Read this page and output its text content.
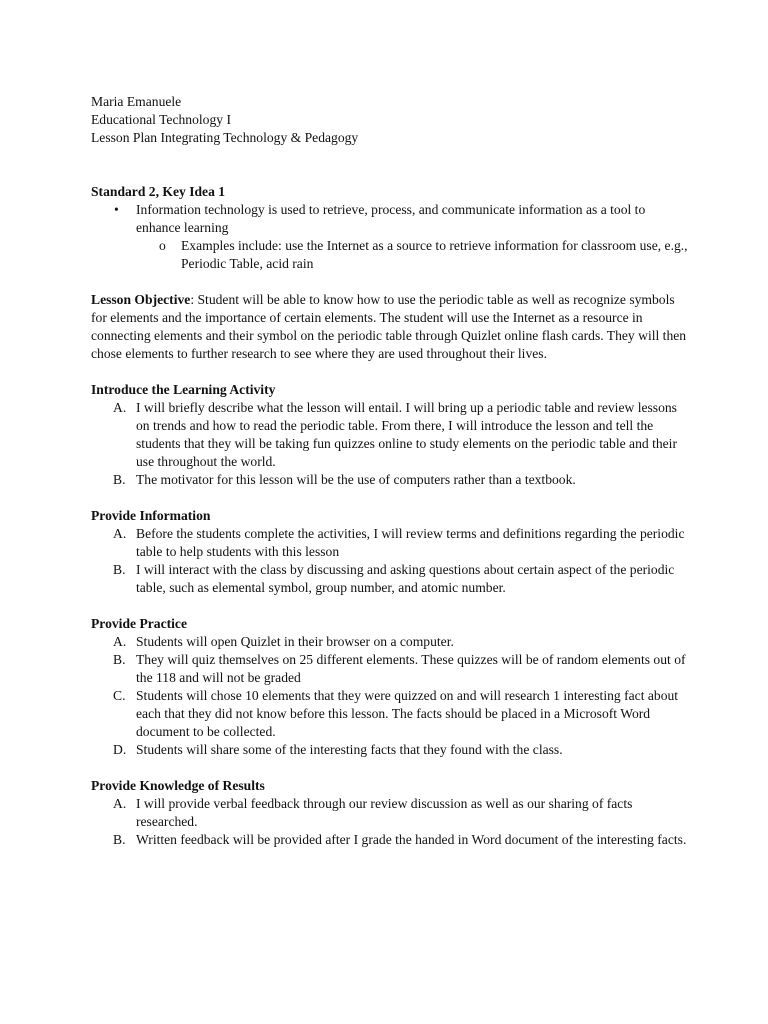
Maria Emanuele

Educational Technology I

Lesson Plan Integrating Technology & Pedagogy

Standard 2, Key Idea 1

•	Information technology is used to retrieve, process, and communicate information as a tool to enhance learning
o	Examples include: use the Internet as a source to retrieve information for classroom use, e.g., Periodic Table, acid rain

Lesson Objective: Student will be able to know how to use the periodic table as well as recognize symbols for elements and the importance of certain elements. The student will use the Internet as a resource in connecting elements and their symbol on the periodic table through Quizlet online flash cards. They will then chose elements to further research to see where they are used throughout their lives.

Introduce the Learning Activity

A. I will briefly describe what the lesson will entail. I will bring up a periodic table and review lessons on trends and how to read the periodic table. From there, I will introduce the lesson and tell the students that they will be taking fun quizzes online to study elements on the periodic table and their use throughout the world.
B. The motivator for this lesson will be the use of computers rather than a textbook.

Provide Information

A. Before the students complete the activities, I will review terms and definitions regarding the periodic table to help students with this lesson
B. I will interact with the class by discussing and asking questions about certain aspect of the periodic table, such as elemental symbol, group number, and atomic number.

Provide Practice

A. Students will open Quizlet in their browser on a computer.
B. They will quiz themselves on 25 different elements. These quizzes will be of random elements out of the 118 and will not be graded
C. Students will chose 10 elements that they were quizzed on and will research 1 interesting fact about each that they did not know before this lesson. The facts should be placed in a Microsoft Word document to be collected.
D. Students will share some of the interesting facts that they found with the class.

Provide Knowledge of Results

A. I will provide verbal feedback through our review discussion as well as our sharing of facts researched.
B. Written feedback will be provided after I grade the handed in Word document of the interesting facts.
